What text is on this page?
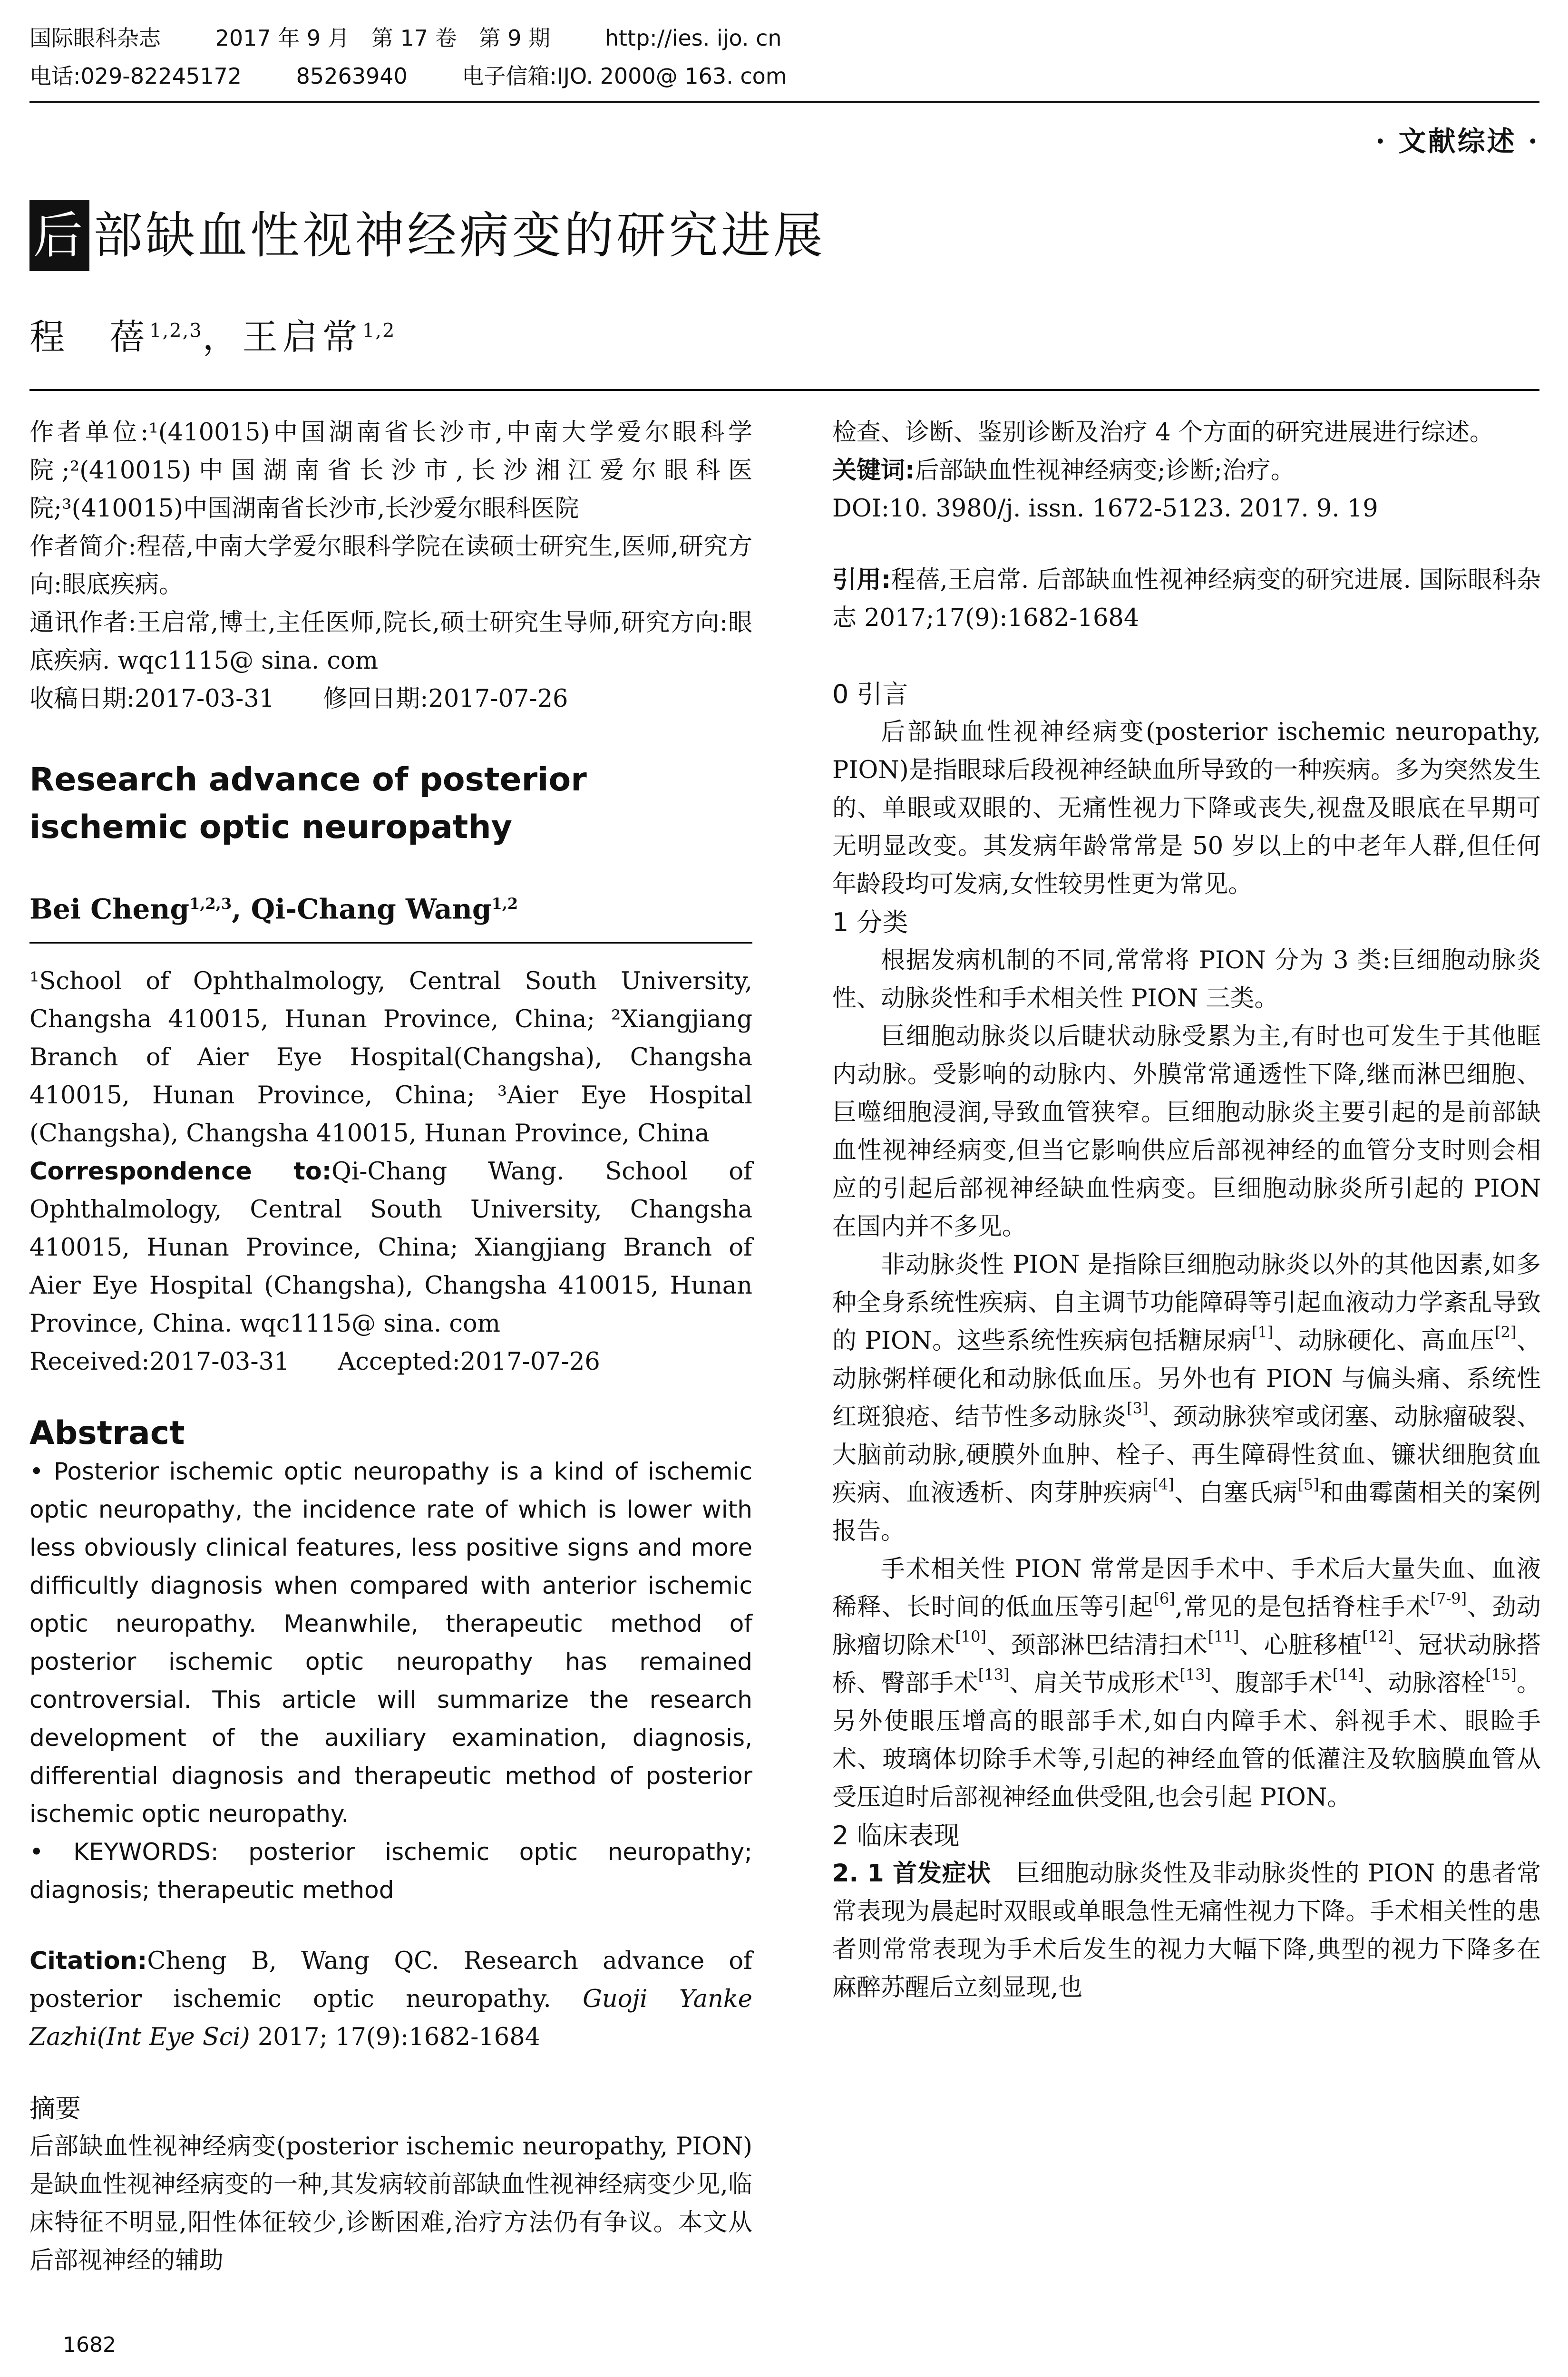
国际眼科杂志 2017 年 9 月　第 17 卷　第 9 期 http://ies. ijo. cn
电话:029-82245172 85263940 电子信箱:IJO. 2000@ 163. com
· 文献综述 ·
后 部缺血性视神经病变的研究进展
程　蓓$^{1,2,3}$，王启常$^{1,2}$

作者单位:¹(410015)中国湖南省长沙市,中南大学爱尔眼科学院;²(410015)中国湖南省长沙市,长沙湘江爱尔眼科医院;³(410015)中国湖南省长沙市,长沙爱尔眼科医院

作者简介:程蓓,中南大学爱尔眼科学院在读硕士研究生,医师,研究方向:眼底疾病。

通讯作者:王启常,博士,主任医师,院长,硕士研究生导师,研究方向:眼底疾病. wqc1115@ sina. com

收稿日期:2017-03-31　　修回日期:2017-07-26

Research advance of posterior ischemic optic neuropathy

Bei Cheng$^{1,2,3}$, Qi-Chang Wang$^{1,2}$

¹School of Ophthalmology, Central South University, Changsha 410015, Hunan Province, China; ²Xiangjiang Branch of Aier Eye Hospital(Changsha), Changsha 410015, Hunan Province, China; ³Aier Eye Hospital (Changsha), Changsha 410015, Hunan Province, China

Correspondence to:Qi-Chang Wang. School of Ophthalmology, Central South University, Changsha 410015, Hunan Province, China; Xiangjiang Branch of Aier Eye Hospital (Changsha), Changsha 410015, Hunan Province, China. wqc1115@ sina. com

Received:2017-03-31　　Accepted:2017-07-26

Abstract

• Posterior ischemic optic neuropathy is a kind of ischemic optic neuropathy, the incidence rate of which is lower with less obviously clinical features, less positive signs and more difficultly diagnosis when compared with anterior ischemic optic neuropathy. Meanwhile, therapeutic method of posterior ischemic optic neuropathy has remained controversial. This article will summarize the research development of the auxiliary examination, diagnosis, differential diagnosis and therapeutic method of posterior ischemic optic neuropathy.

• KEYWORDS: posterior ischemic optic neuropathy; diagnosis; therapeutic method

Citation:Cheng B, Wang QC. Research advance of posterior ischemic optic neuropathy. Guoji Yanke Zazhi(Int Eye Sci) 2017; 17(9):1682-1684

摘要

后部缺血性视神经病变(posterior ischemic neuropathy, PION)是缺血性视神经病变的一种,其发病较前部缺血性视神经病变少见,临床特征不明显,阳性体征较少,诊断困难,治疗方法仍有争议。本文从后部视神经的辅助

检查、诊断、鉴别诊断及治疗 4 个方面的研究进展进行综述。

关键词:后部缺血性视神经病变;诊断;治疗。

DOI:10. 3980/j. issn. 1672-5123. 2017. 9. 19

引用:程蓓,王启常. 后部缺血性视神经病变的研究进展. 国际眼科杂志 2017;17(9):1682-1684

0 引言

后部缺血性视神经病变(posterior ischemic neuropathy, PION)是指眼球后段视神经缺血所导致的一种疾病。多为突然发生的、单眼或双眼的、无痛性视力下降或丧失,视盘及眼底在早期可无明显改变。其发病年龄常常是 50 岁以上的中老年人群,但任何年龄段均可发病,女性较男性更为常见。

1 分类

根据发病机制的不同,常常将 PION 分为 3 类:巨细胞动脉炎性、动脉炎性和手术相关性 PION 三类。

巨细胞动脉炎以后睫状动脉受累为主,有时也可发生于其他眶内动脉。受影响的动脉内、外膜常常通透性下降,继而淋巴细胞、巨噬细胞浸润,导致血管狭窄。巨细胞动脉炎主要引起的是前部缺血性视神经病变,但当它影响供应后部视神经的血管分支时则会相应的引起后部视神经缺血性病变。巨细胞动脉炎所引起的 PION 在国内并不多见。

非动脉炎性 PION 是指除巨细胞动脉炎以外的其他因素,如多种全身系统性疾病、自主调节功能障碍等引起血液动力学紊乱导致的 PION。这些系统性疾病包括糖尿病[1]、动脉硬化、高血压[2]、动脉粥样硬化和动脉低血压。另外也有 PION 与偏头痛、系统性红斑狼疮、结节性多动脉炎[3]、颈动脉狭窄或闭塞、动脉瘤破裂、大脑前动脉,硬膜外血肿、栓子、再生障碍性贫血、镰状细胞贫血疾病、血液透析、肉芽肿疾病[4]、白塞氏病[5]和曲霉菌相关的案例报告。

手术相关性 PION 常常是因手术中、手术后大量失血、血液稀释、长时间的低血压等引起[6],常见的是包括脊柱手术[7-9]、劲动脉瘤切除术[10]、颈部淋巴结清扫术[11]、心脏移植[12]、冠状动脉搭桥、臀部手术[13]、肩关节成形术[13]、腹部手术[14]、动脉溶栓[15]。另外使眼压增高的眼部手术,如白内障手术、斜视手术、眼睑手术、玻璃体切除手术等,引起的神经血管的低灌注及软脑膜血管从受压迫时后部视神经血供受阻,也会引起 PION。

2 临床表现

2. 1 首发症状　 巨细胞动脉炎性及非动脉炎性的 PION 的患者常常表现为晨起时双眼或单眼急性无痛性视力下降。手术相关性的患者则常常表现为手术后发生的视力大幅下降,典型的视力下降多在麻醉苏醒后立刻显现,也

1682
